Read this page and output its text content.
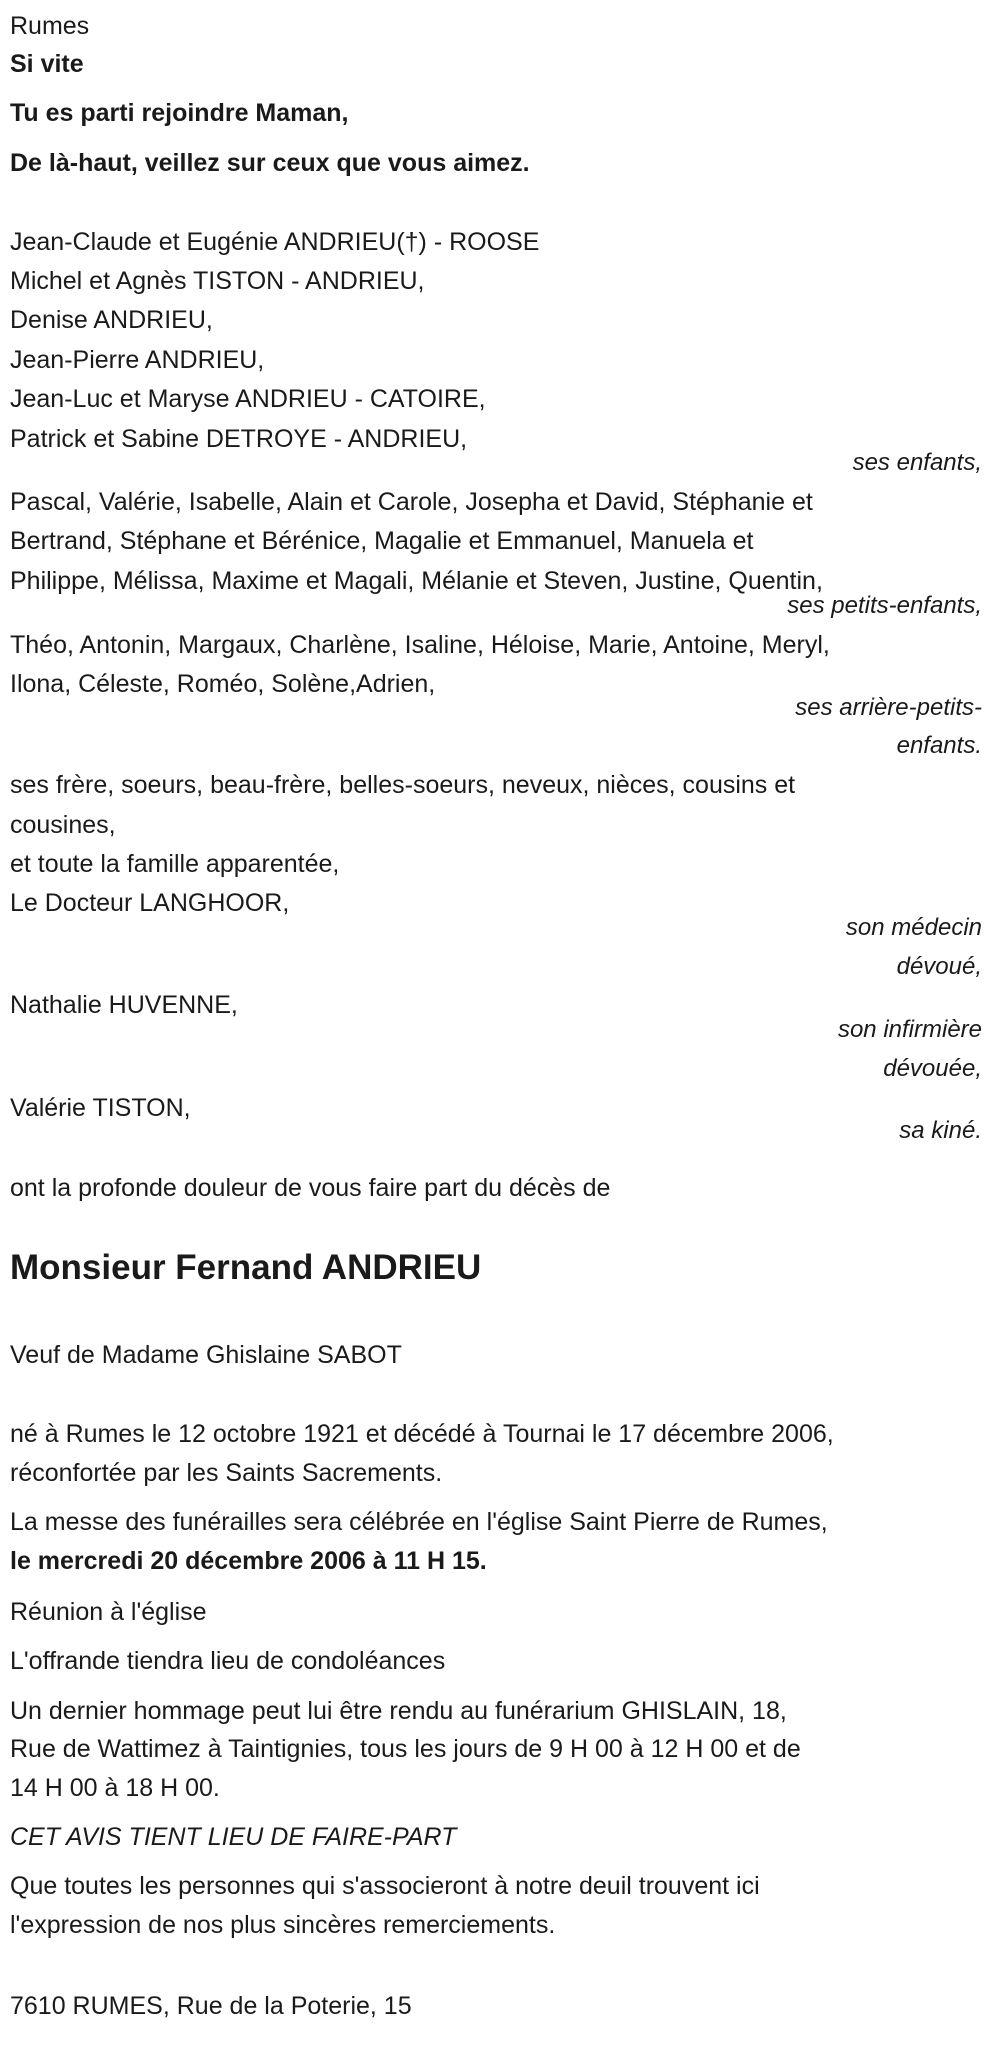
Rumes
Si vite
Tu es parti rejoindre Maman,
De là-haut, veillez sur ceux que vous aimez.
Jean-Claude et Eugénie ANDRIEU(†) - ROOSE
Michel et Agnès TISTON - ANDRIEU,
Denise ANDRIEU,
Jean-Pierre ANDRIEU,
Jean-Luc et Maryse ANDRIEU - CATOIRE,
Patrick et Sabine DETROYE - ANDRIEU,
ses enfants,
Pascal, Valérie, Isabelle, Alain et Carole, Josepha et David, Stéphanie et
Bertrand, Stéphane et Bérénice, Magalie et Emmanuel, Manuela et
Philippe, Mélissa, Maxime et Magali, Mélanie et Steven, Justine, Quentin,
ses petits-enfants,
Théo, Antonin, Margaux, Charlène, Isaline, Héloise, Marie, Antoine, Meryl,
Ilona, Céleste, Roméo, Solène,Adrien,
ses arrière-petits-
enfants.
ses frère, soeurs, beau-frère, belles-soeurs, neveux, nièces, cousins et
cousines,
et toute la famille apparentée,
Le Docteur LANGHOOR,
son médecin
dévoué,
Nathalie HUVENNE,
son infirmière
dévouée,
Valérie TISTON,
sa kiné.
ont la profonde douleur de vous faire part du décès de
Monsieur Fernand ANDRIEU
Veuf de Madame Ghislaine SABOT
né à Rumes le 12 octobre 1921 et décédé à Tournai le 17 décembre 2006,
réconfortée par les Saints Sacrements.
La messe des funérailles sera célébrée en l'église Saint Pierre de Rumes,
le mercredi 20 décembre 2006 à 11 H 15.
Réunion à l'église
L'offrande tiendra lieu de condoléances
Un dernier hommage peut lui être rendu au funérarium GHISLAIN, 18,
Rue de Wattimez à Taintignies, tous les jours de 9 H 00 à 12 H 00 et de
14 H 00 à 18 H 00.
CET AVIS TIENT LIEU DE FAIRE-PART
Que toutes les personnes qui s'associeront à notre deuil trouvent ici
l'expression de nos plus sincères remerciements.
7610 RUMES, Rue de la Poterie, 15
